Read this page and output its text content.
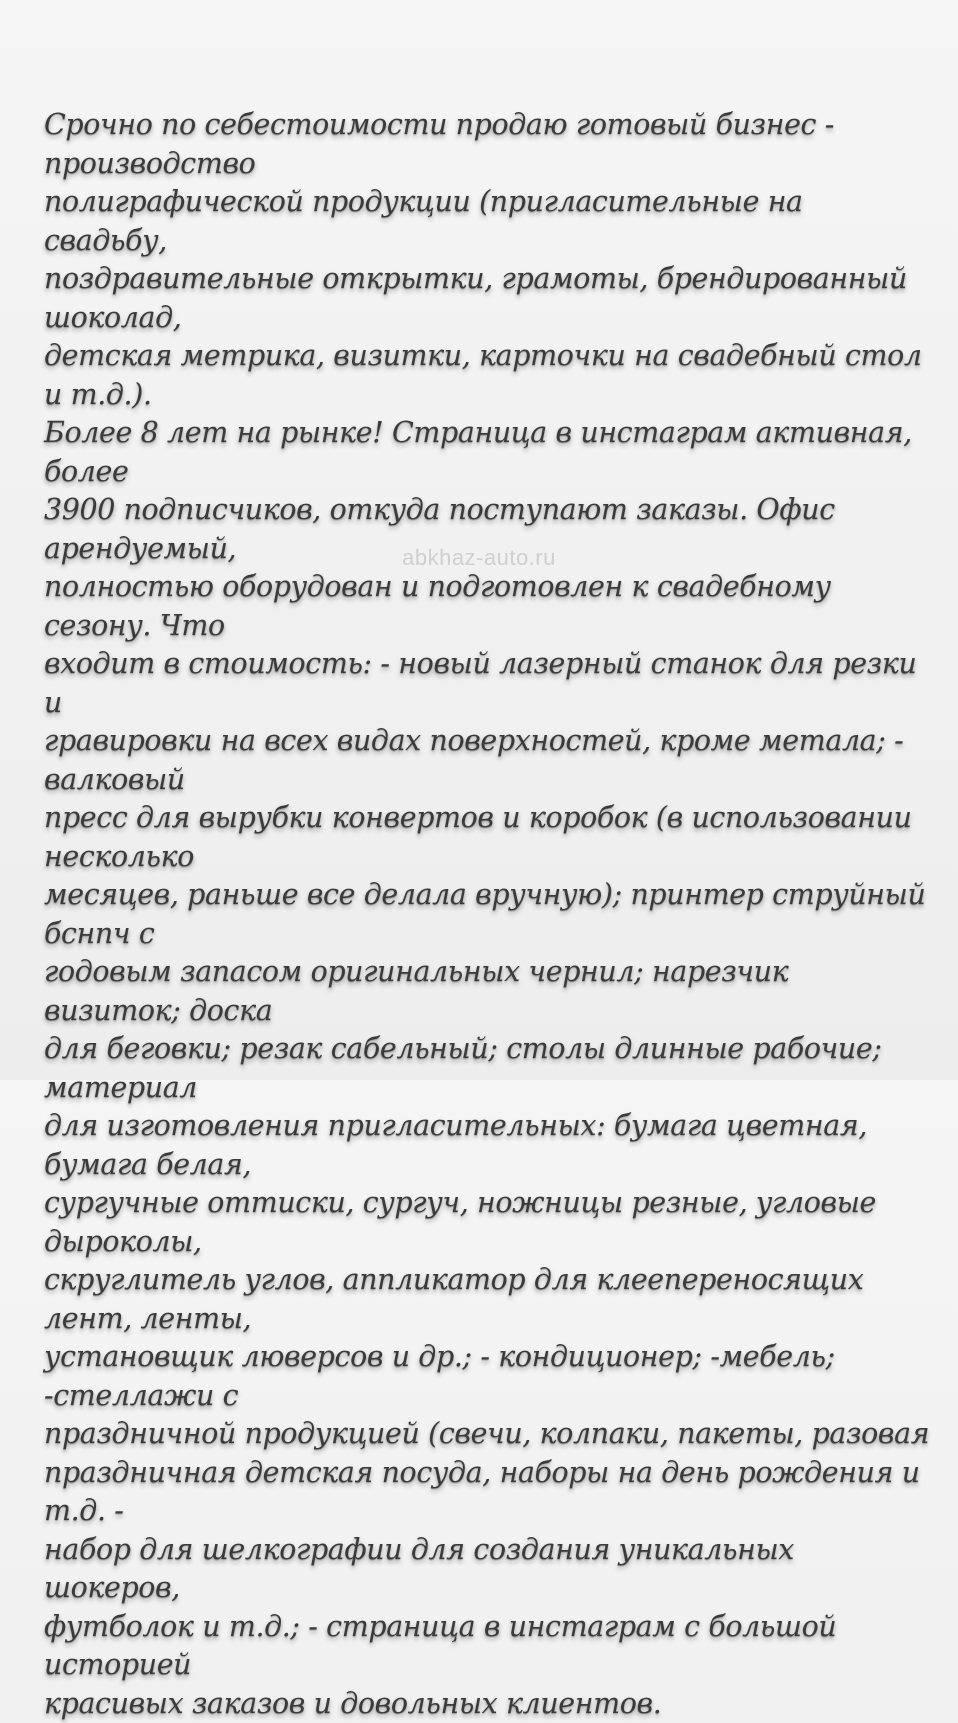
Срочно по себестоимости продаю готовый бизнес - производство
полиграфической продукции (пригласительные на свадьбу,
поздравительные открытки, грамоты, брендированный шоколад,
детская метрика, визитки, карточки на свадебный стол и т.д.).
Более 8 лет на рынке! Страница в инстаграм активная, более
3900 подписчиков, откуда поступают заказы. Офис арендуемый,
полностью оборудован и подготовлен к свадебному сезону. Что
входит в стоимость: - новый лазерный станок для резки и
гравировки на всех видах поверхностей, кроме метала; - валковый
пресс для вырубки конвертов и коробок (в использовании несколько
месяцев, раньше все делала вручную); принтер струйный бснпч с
годовым запасом оригинальных чернил; нарезчик визиток; доска
для беговки; резак сабельный; столы длинные рабочие; материал
для изготовления пригласительных: бумага цветная, бумага белая,
сургучные оттиски, сургуч, ножницы резные, угловые дыроколы,
скруглитель углов, аппликатор для клеепереносящих лент, ленты,
установщик люверсов и др.; - кондиционер; -мебель; -стеллажи с
праздничной продукцией (свечи, колпаки, пакеты, разовая
праздничная детская посуда, наборы на день рождения и т.д. -
набор для шелкографии для создания уникальных шокеров,
футболок и т.д.; - страница в инстаграм с большой историей
красивых заказов и довольных клиентов.

abkhaz-auto.ru
